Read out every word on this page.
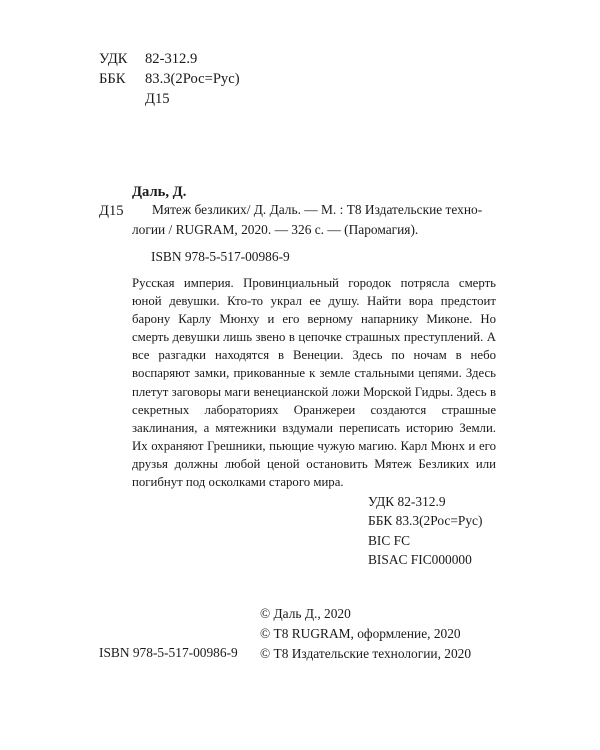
УДК 82-312.9
ББК 83.3(2Рос=Рус)
Д15
Д15
Даль, Д.
Мятеж безликих/ Д. Даль. — М. : Т8 Издательские техно-
логии / RUGRAM, 2020. — 326 с. — (Паромагия).
ISBN 978-5-517-00986-9

Русская империя. Провинциальный городок потрясла смерть юной девушки. Кто-то украл ее душу. Найти вора предстоит барону Карлу Мюнху и его верному напарнику Миконе. Но смерть девушки лишь звено в цепочке страшных преступлений. А все разгадки находятся в Венеции. Здесь по ночам в небо воспаряют замки, прикованные к земле стальными цепями. Здесь плетут заговоры маги венецианской ложи Морской Гидры. Здесь в секретных лабораториях Оранжереи создаются страшные заклинания, а мятежники вздумали переписать историю Земли. Их охраняют Грешники, пьющие чужую магию. Карл Мюнх и его друзья должны любой ценой остановить Мятеж Безликих или погибнут под осколками старого мира.

УДК 82-312.9
ББК 83.3(2Рос=Рус)
BIC FC
BISAC FIC000000
ISBN 978-5-517-00986-9
© Даль Д., 2020
© Т8 RUGRAM, оформление, 2020
© Т8 Издательские технологии, 2020
